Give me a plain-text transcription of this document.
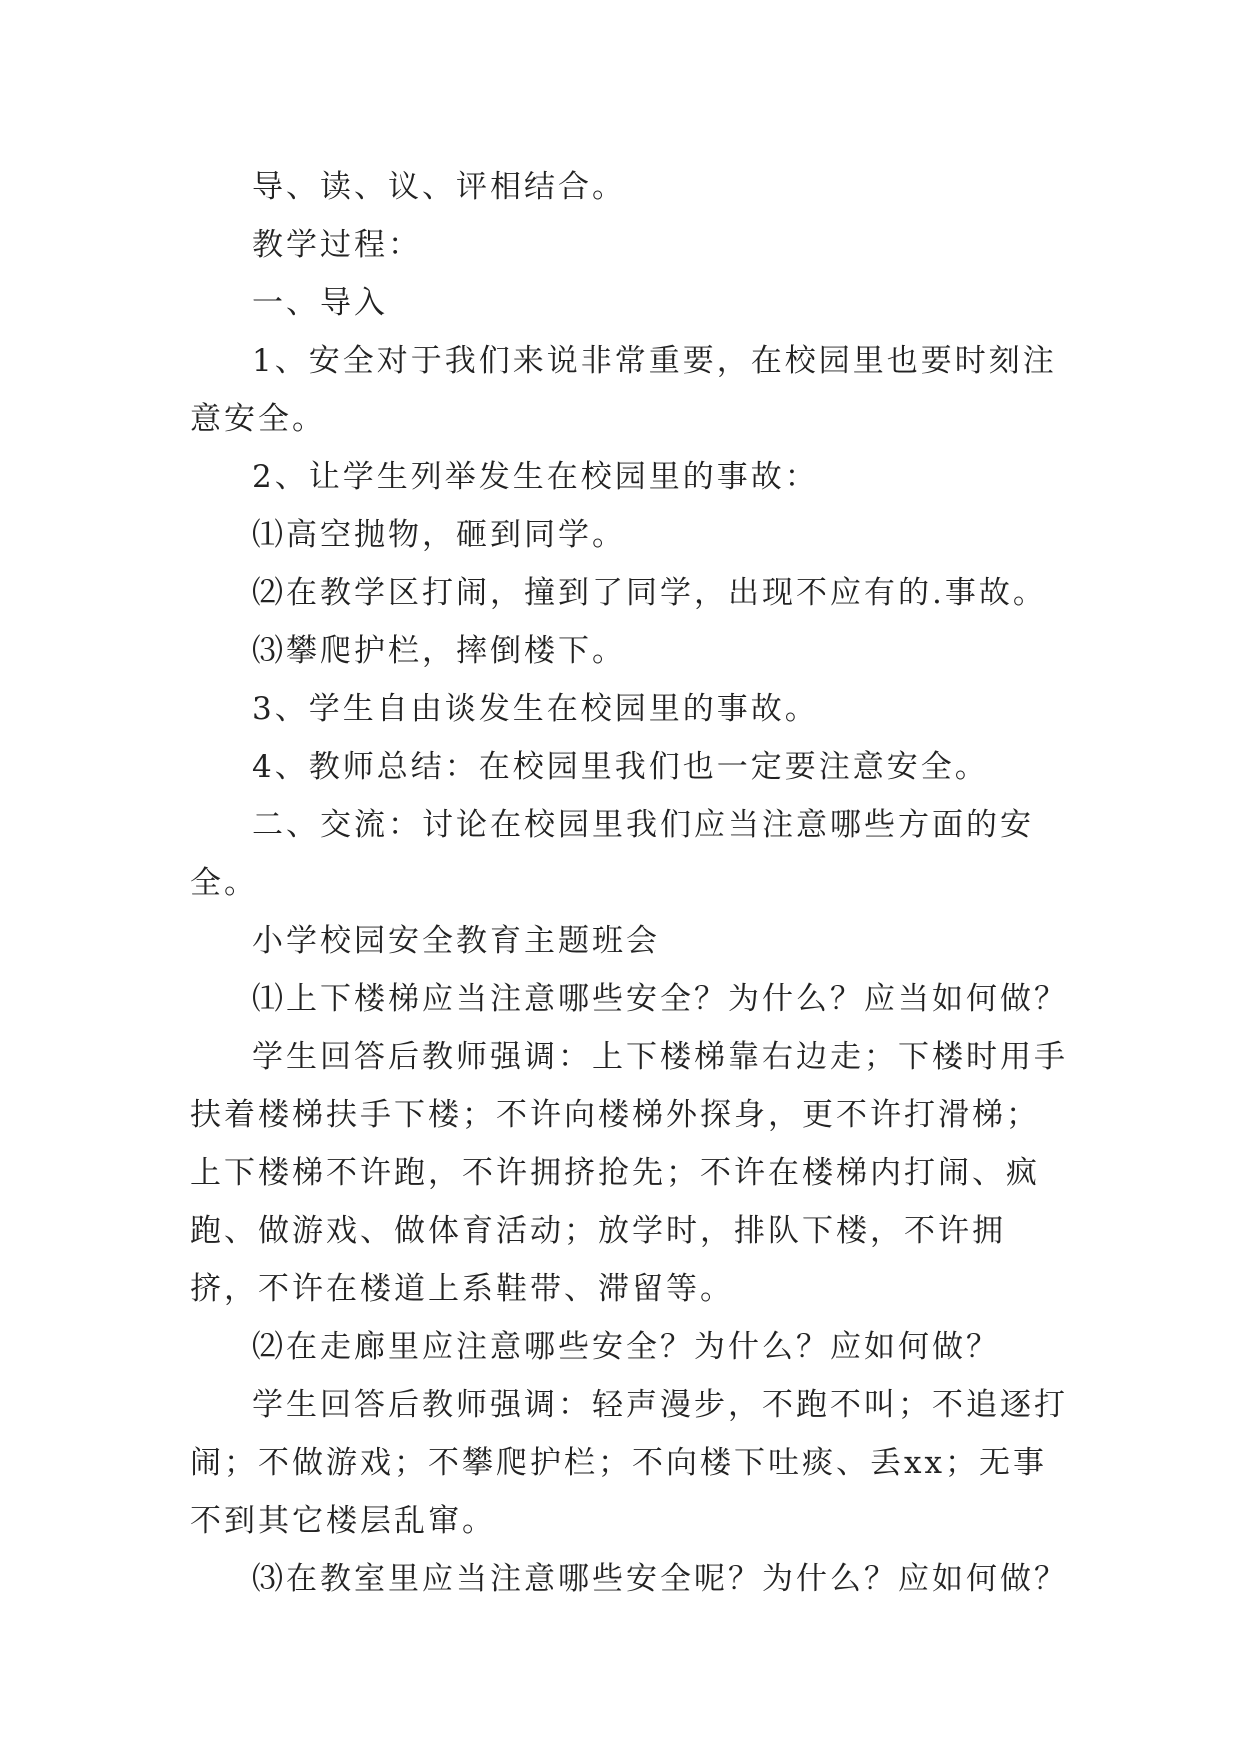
导、读、议、评相结合。

教学过程：

一、导入

1、安全对于我们来说非常重要，在校园里也要时刻注意安全。

2、让学生列举发生在校园里的事故：

⑴高空抛物，砸到同学。

⑵在教学区打闹，撞到了同学，出现不应有的.事故。

⑶攀爬护栏，摔倒楼下。

3、学生自由谈发生在校园里的事故。

4、教师总结：在校园里我们也一定要注意安全。

二、交流：讨论在校园里我们应当注意哪些方面的安全。

小学校园安全教育主题班会

⑴上下楼梯应当注意哪些安全？为什么？应当如何做？

学生回答后教师强调：上下楼梯靠右边走；下楼时用手扶着楼梯扶手下楼；不许向楼梯外探身，更不许打滑梯；上下楼梯不许跑，不许拥挤抢先；不许在楼梯内打闹、疯跑、做游戏、做体育活动；放学时，排队下楼，不许拥挤，不许在楼道上系鞋带、滞留等。

⑵在走廊里应注意哪些安全？为什么？应如何做？

学生回答后教师强调：轻声漫步，不跑不叫；不追逐打闹；不做游戏；不攀爬护栏；不向楼下吐痰、丢xx；无事不到其它楼层乱窜。

⑶在教室里应当注意哪些安全呢？为什么？应如何做？
